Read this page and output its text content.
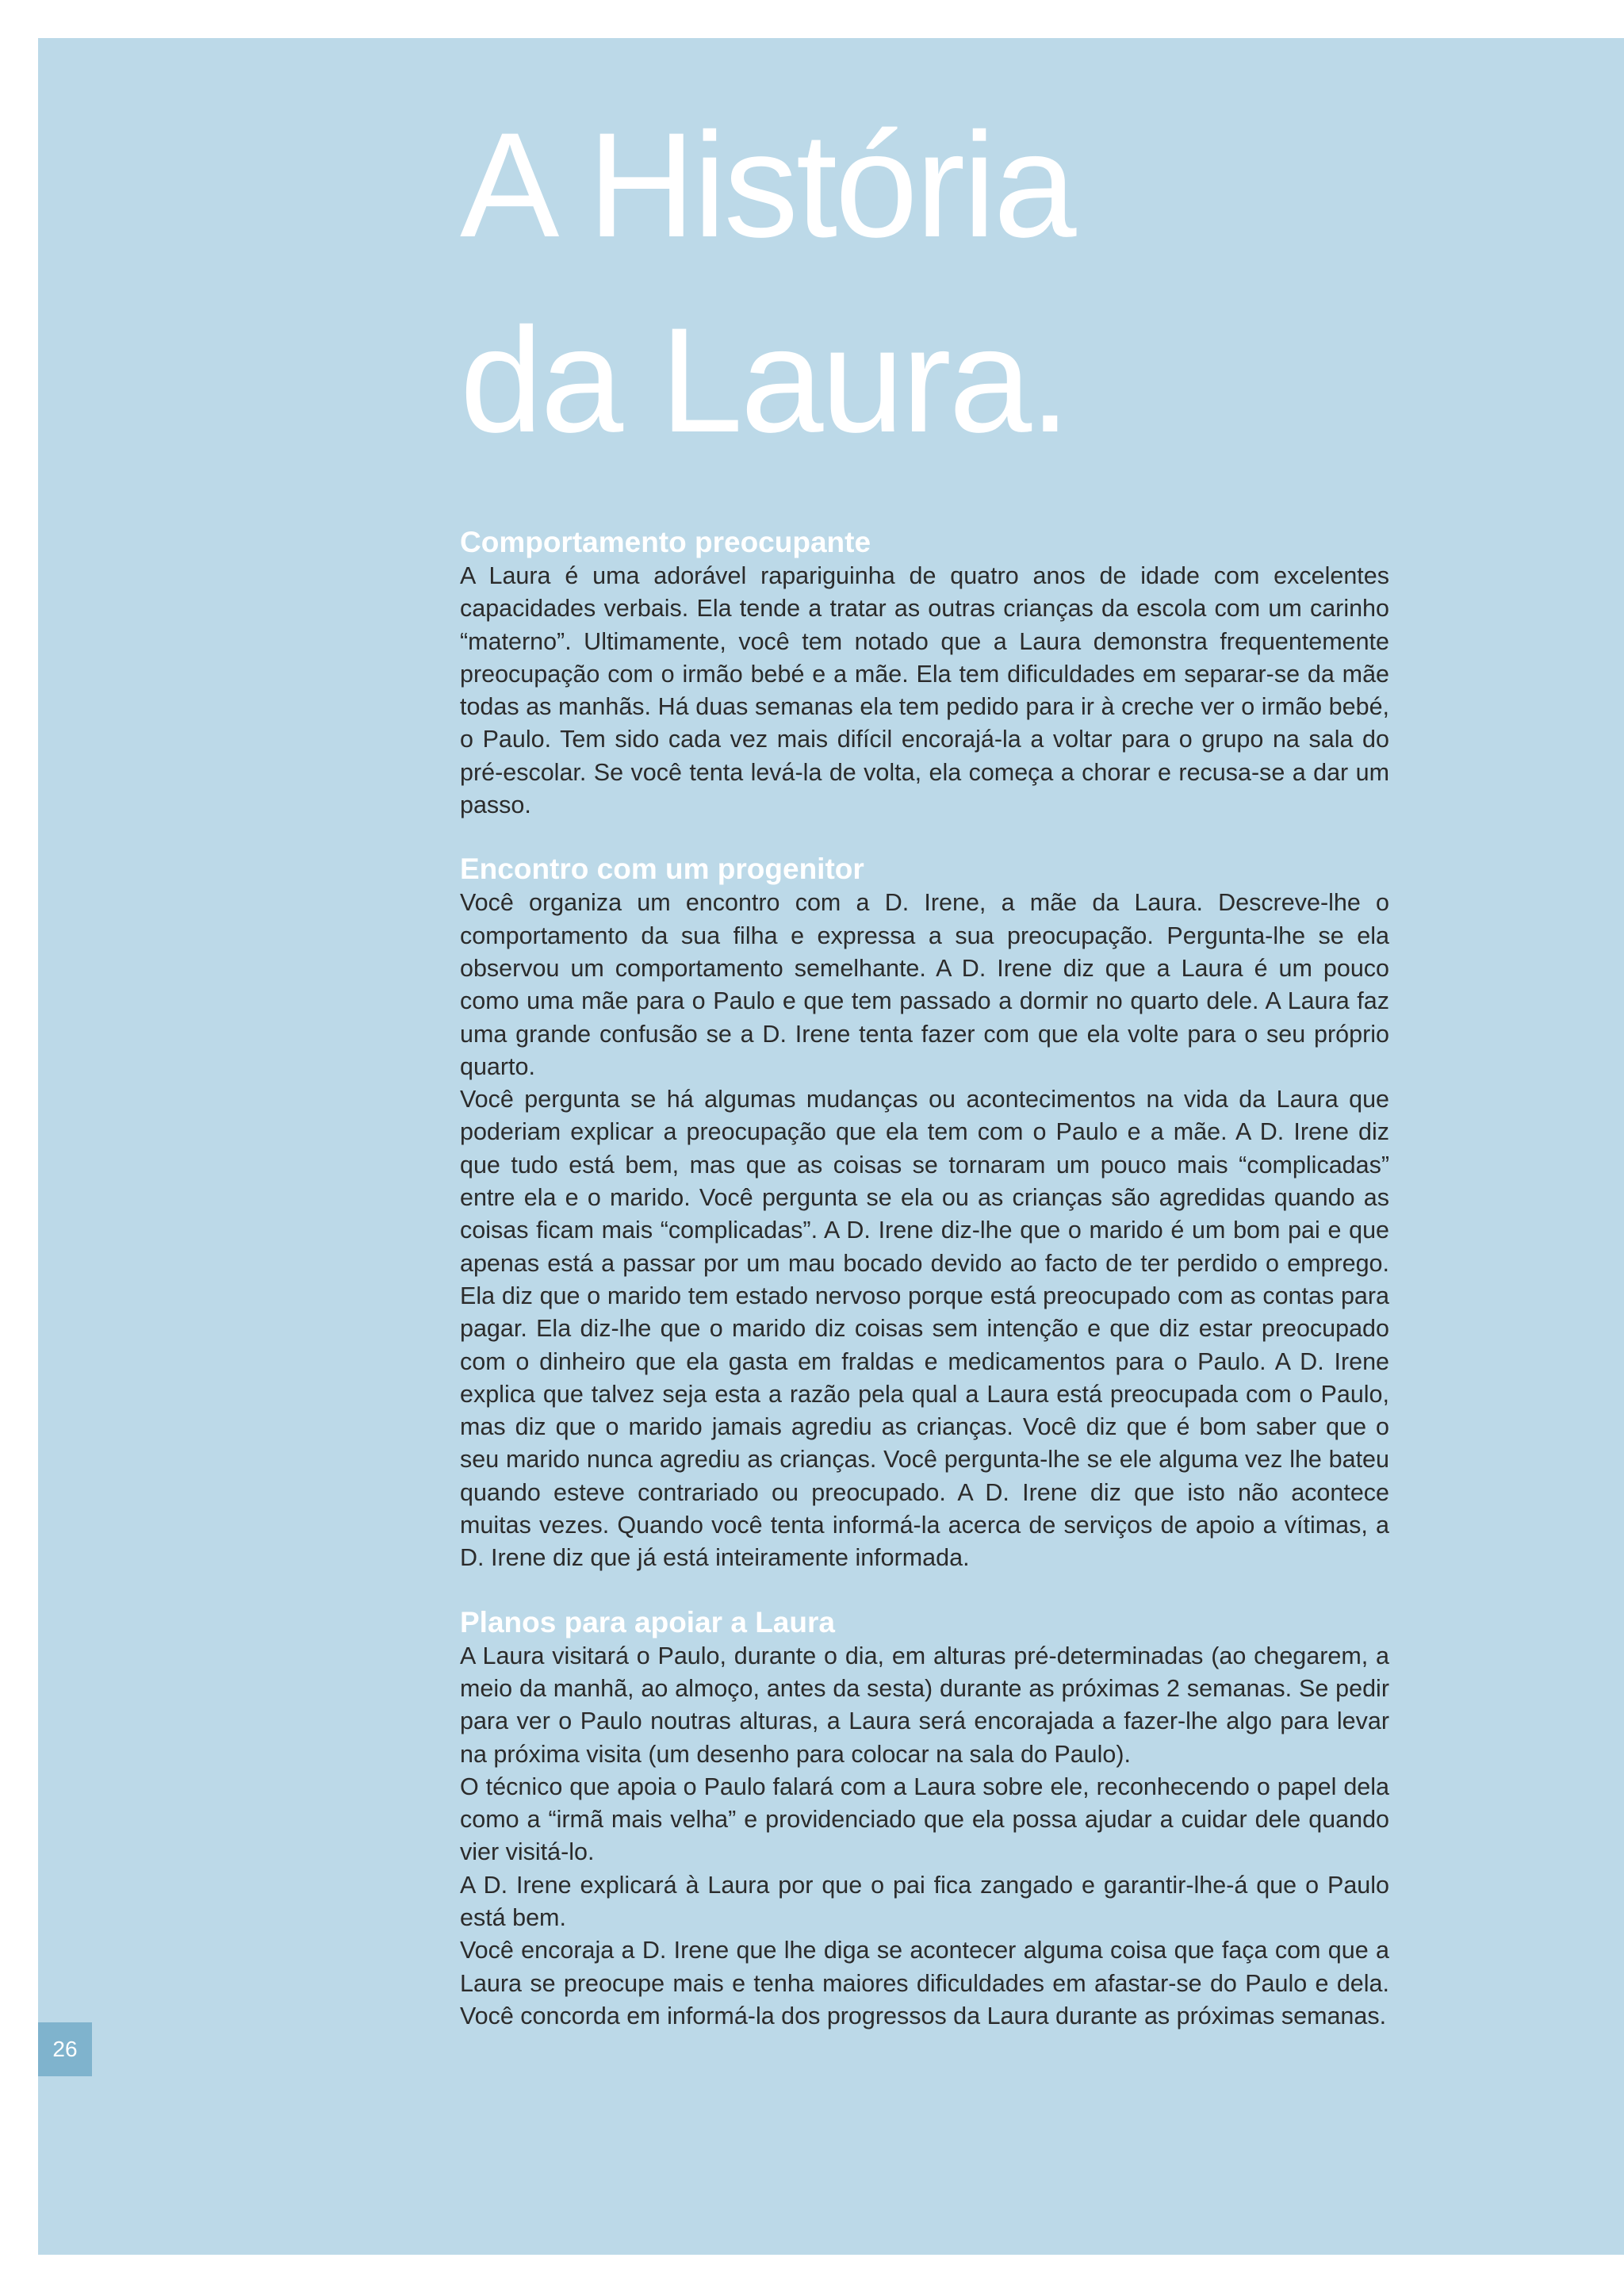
A História
da Laura.
Comportamento preocupante

A Laura é uma adorável rapariguinha de quatro anos de idade com excelentes capacidades verbais. Ela tende a tratar as outras crianças da escola com um carinho “materno”. Ultimamente, você tem notado que a Laura demonstra frequentemente preocupação com o irmão bebé e a mãe. Ela tem dificuldades em separar-se da mãe todas as manhãs. Há duas semanas ela tem pedido para ir à creche ver o irmão bebé, o Paulo. Tem sido cada vez mais difícil encorajá-la a voltar para o grupo na sala do pré-escolar. Se você tenta levá-la de volta, ela começa a chorar e recusa-se a dar um passo.

Encontro com um progenitor

Você organiza um encontro com a D. Irene, a mãe da Laura. Descreve-lhe o comportamento da sua filha e expressa a sua preocupação. Pergunta-lhe se ela observou um comportamento semelhante. A D. Irene diz que a Laura é um pouco como uma mãe para o Paulo e que tem passado a dormir no quarto dele. A Laura faz uma grande confusão se a D. Irene tenta fazer com que ela volte para o seu próprio quarto.

Você pergunta se há algumas mudanças ou acontecimentos na vida da Laura que poderiam explicar a preocupação que ela tem com o Paulo e a mãe. A D. Irene diz que tudo está bem, mas que as coisas se tornaram um pouco mais “complicadas” entre ela e o marido. Você pergunta se ela ou as crianças são agredidas quando as coisas ficam mais “complicadas”. A D. Irene diz-lhe que o marido é um bom pai e que apenas está a passar por um mau bocado devido ao facto de ter perdido o emprego. Ela diz que o marido tem estado nervoso porque está preocupado com as contas para pagar. Ela diz-lhe que o marido diz coisas sem intenção e que diz estar preocupado com o dinheiro que ela gasta em fraldas e medicamentos para o Paulo. A D. Irene explica que talvez seja esta a razão pela qual a Laura está preocupada com o Paulo, mas diz que o marido jamais agrediu as crianças. Você diz que é bom saber que o seu marido nunca agrediu as crianças. Você pergunta-lhe se ele alguma vez lhe bateu quando esteve contrariado ou preocupado. A D. Irene diz que isto não acontece muitas vezes. Quando você tenta informá-la acerca de serviços de apoio a vítimas, a D. Irene diz que já está inteiramente informada.

Planos para apoiar a Laura

A Laura visitará o Paulo, durante o dia, em alturas pré-determinadas (ao chegarem, a meio da manhã, ao almoço, antes da sesta) durante as próximas 2 semanas. Se pedir para ver o Paulo noutras alturas, a Laura será encorajada a fazer-lhe algo para levar na próxima visita (um desenho para colocar na sala do Paulo).

O técnico que apoia o Paulo falará com a Laura sobre ele, reconhecendo o papel dela como a “irmã mais velha” e providenciado que ela possa ajudar a cuidar dele quando vier visitá-lo.

A D. Irene explicará à Laura por que o pai fica zangado e garantir-lhe-á que o Paulo está bem.

Você encoraja a D. Irene que lhe diga se acontecer alguma coisa que faça com que a Laura se preocupe mais e tenha maiores dificuldades em afastar-se do Paulo e dela. Você concorda em informá-la dos progressos da Laura durante as próximas semanas.

26
